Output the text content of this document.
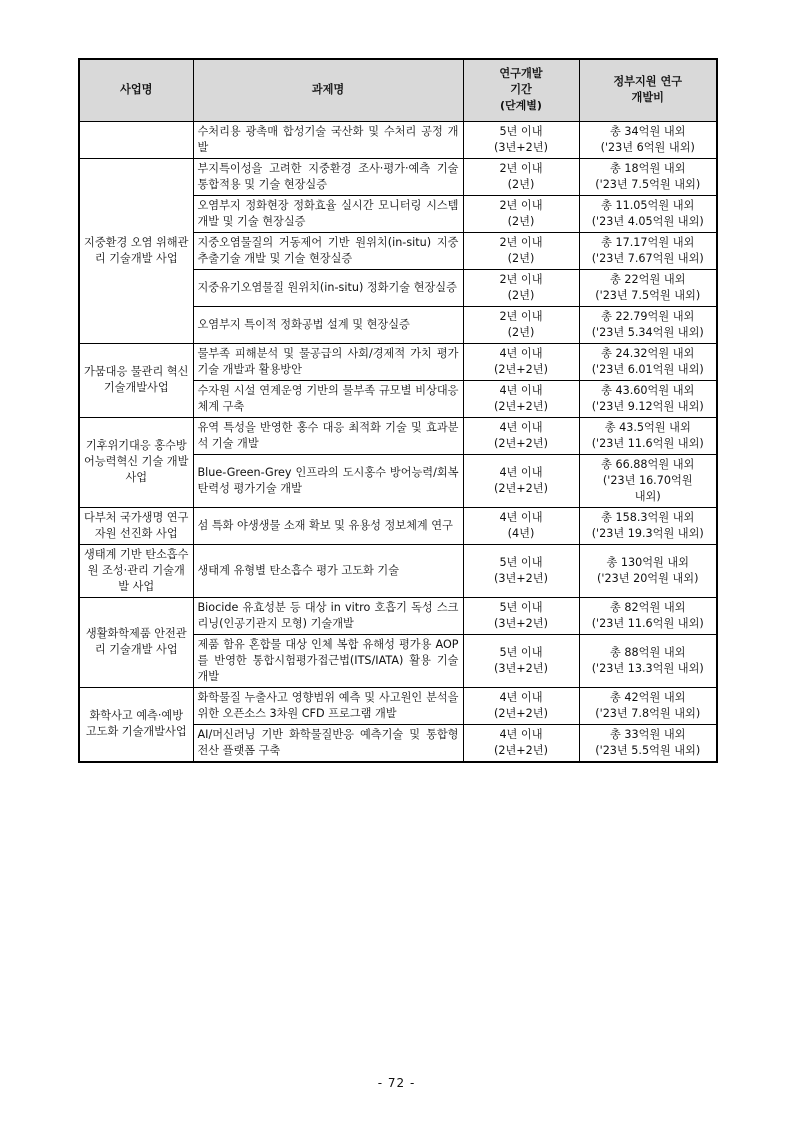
사업명	과제명	연구개발
기간
(단계별)	정부지원 연구
개발비

	수처리용 광촉매 합성기술 국산화 및 수처리 공정 개발	5년 이내
(3년+2년)	총 34억원 내외
('23년 6억원 내외)

지중환경 오염 위해관리 기술개발 사업	부지특이성을 고려한 지중환경 조사·평가·예측 기술 통합적용 및 기술 현장실증	2년 이내
(2년)	총 18억원 내외
('23년 7.5억원 내외)

	오염부지 정화현장 정화효율 실시간 모니터링 시스템 개발 및 기술 현장실증	2년 이내
(2년)	총 11.05억원 내외
('23년 4.05억원 내외)

	지중오염물질의 거동제어 기반 원위치(in-situ) 지중추출기술 개발 및 기술 현장실증	2년 이내
(2년)	총 17.17억원 내외
('23년 7.67억원 내외)

	지중유기오염물질 원위치(in-situ) 정화기술 현장실증	2년 이내
(2년)	총 22억원 내외
('23년 7.5억원 내외)

	오염부지 특이적 정화공법 설계 및 현장실증	2년 이내
(2년)	총 22.79억원 내외
('23년 5.34억원 내외)

가뭄대응 물관리 혁신기술개발사업	물부족 피해분석 및 물공급의 사회/경제적 가치 평가 기술 개발과 활용방안	4년 이내
(2년+2년)	총 24.32억원 내외
('23년 6.01억원 내외)

	수자원 시설 연계운영 기반의 물부족 규모별 비상대응 체계 구축	4년 이내
(2년+2년)	총 43.60억원 내외
('23년 9.12억원 내외)

기후위기대응 홍수방어능력혁신 기술 개발사업	유역 특성을 반영한 홍수 대응 최적화 기술 및 효과분석 기술 개발	4년 이내
(2년+2년)	총 43.5억원 내외
('23년 11.6억원 내외)

	Blue-Green-Grey 인프라의 도시홍수 방어능력/회복탄력성 평가기술 개발	4년 이내
(2년+2년)	총 66.88억원 내외
('23년 16.70억원
내외)

다부처 국가생명 연구자원 선진화 사업	섬 특화 야생생물 소재 확보 및 유용성 정보체계 연구	4년 이내
(4년)	총 158.3억원 내외
('23년 19.3억원 내외)

생태계 기반 탄소흡수원 조성·관리 기술개발 사업	생태계 유형별 탄소흡수 평가 고도화 기술	5년 이내
(3년+2년)	총 130억원 내외
('23년 20억원 내외)

생활화학제품 안전관리 기술개발 사업	Biocide 유효성분 등 대상 in vitro 호흡기 독성 스크리닝(인공기관지 모형) 기술개발	5년 이내
(3년+2년)	총 82억원 내외
('23년 11.6억원 내외)

	제품 함유 혼합물 대상 인체 복합 유해성 평가용 AOP를 반영한 통합시험평가접근법(ITS/IATA) 활용 기술 개발	5년 이내
(3년+2년)	총 88억원 내외
('23년 13.3억원 내외)

화학사고 예측·예방 고도화 기술개발사업	화학물질 누출사고 영향범위 예측 및 사고원인 분석을 위한 오픈소스 3차원 CFD 프로그램 개발	4년 이내
(2년+2년)	총 42억원 내외
('23년 7.8억원 내외)

	AI/머신러닝 기반 화학물질반응 예측기술 및 통합형 전산 플랫폼 구축	4년 이내
(2년+2년)	총 33억원 내외
('23년 5.5억원 내외)
- 72 -
